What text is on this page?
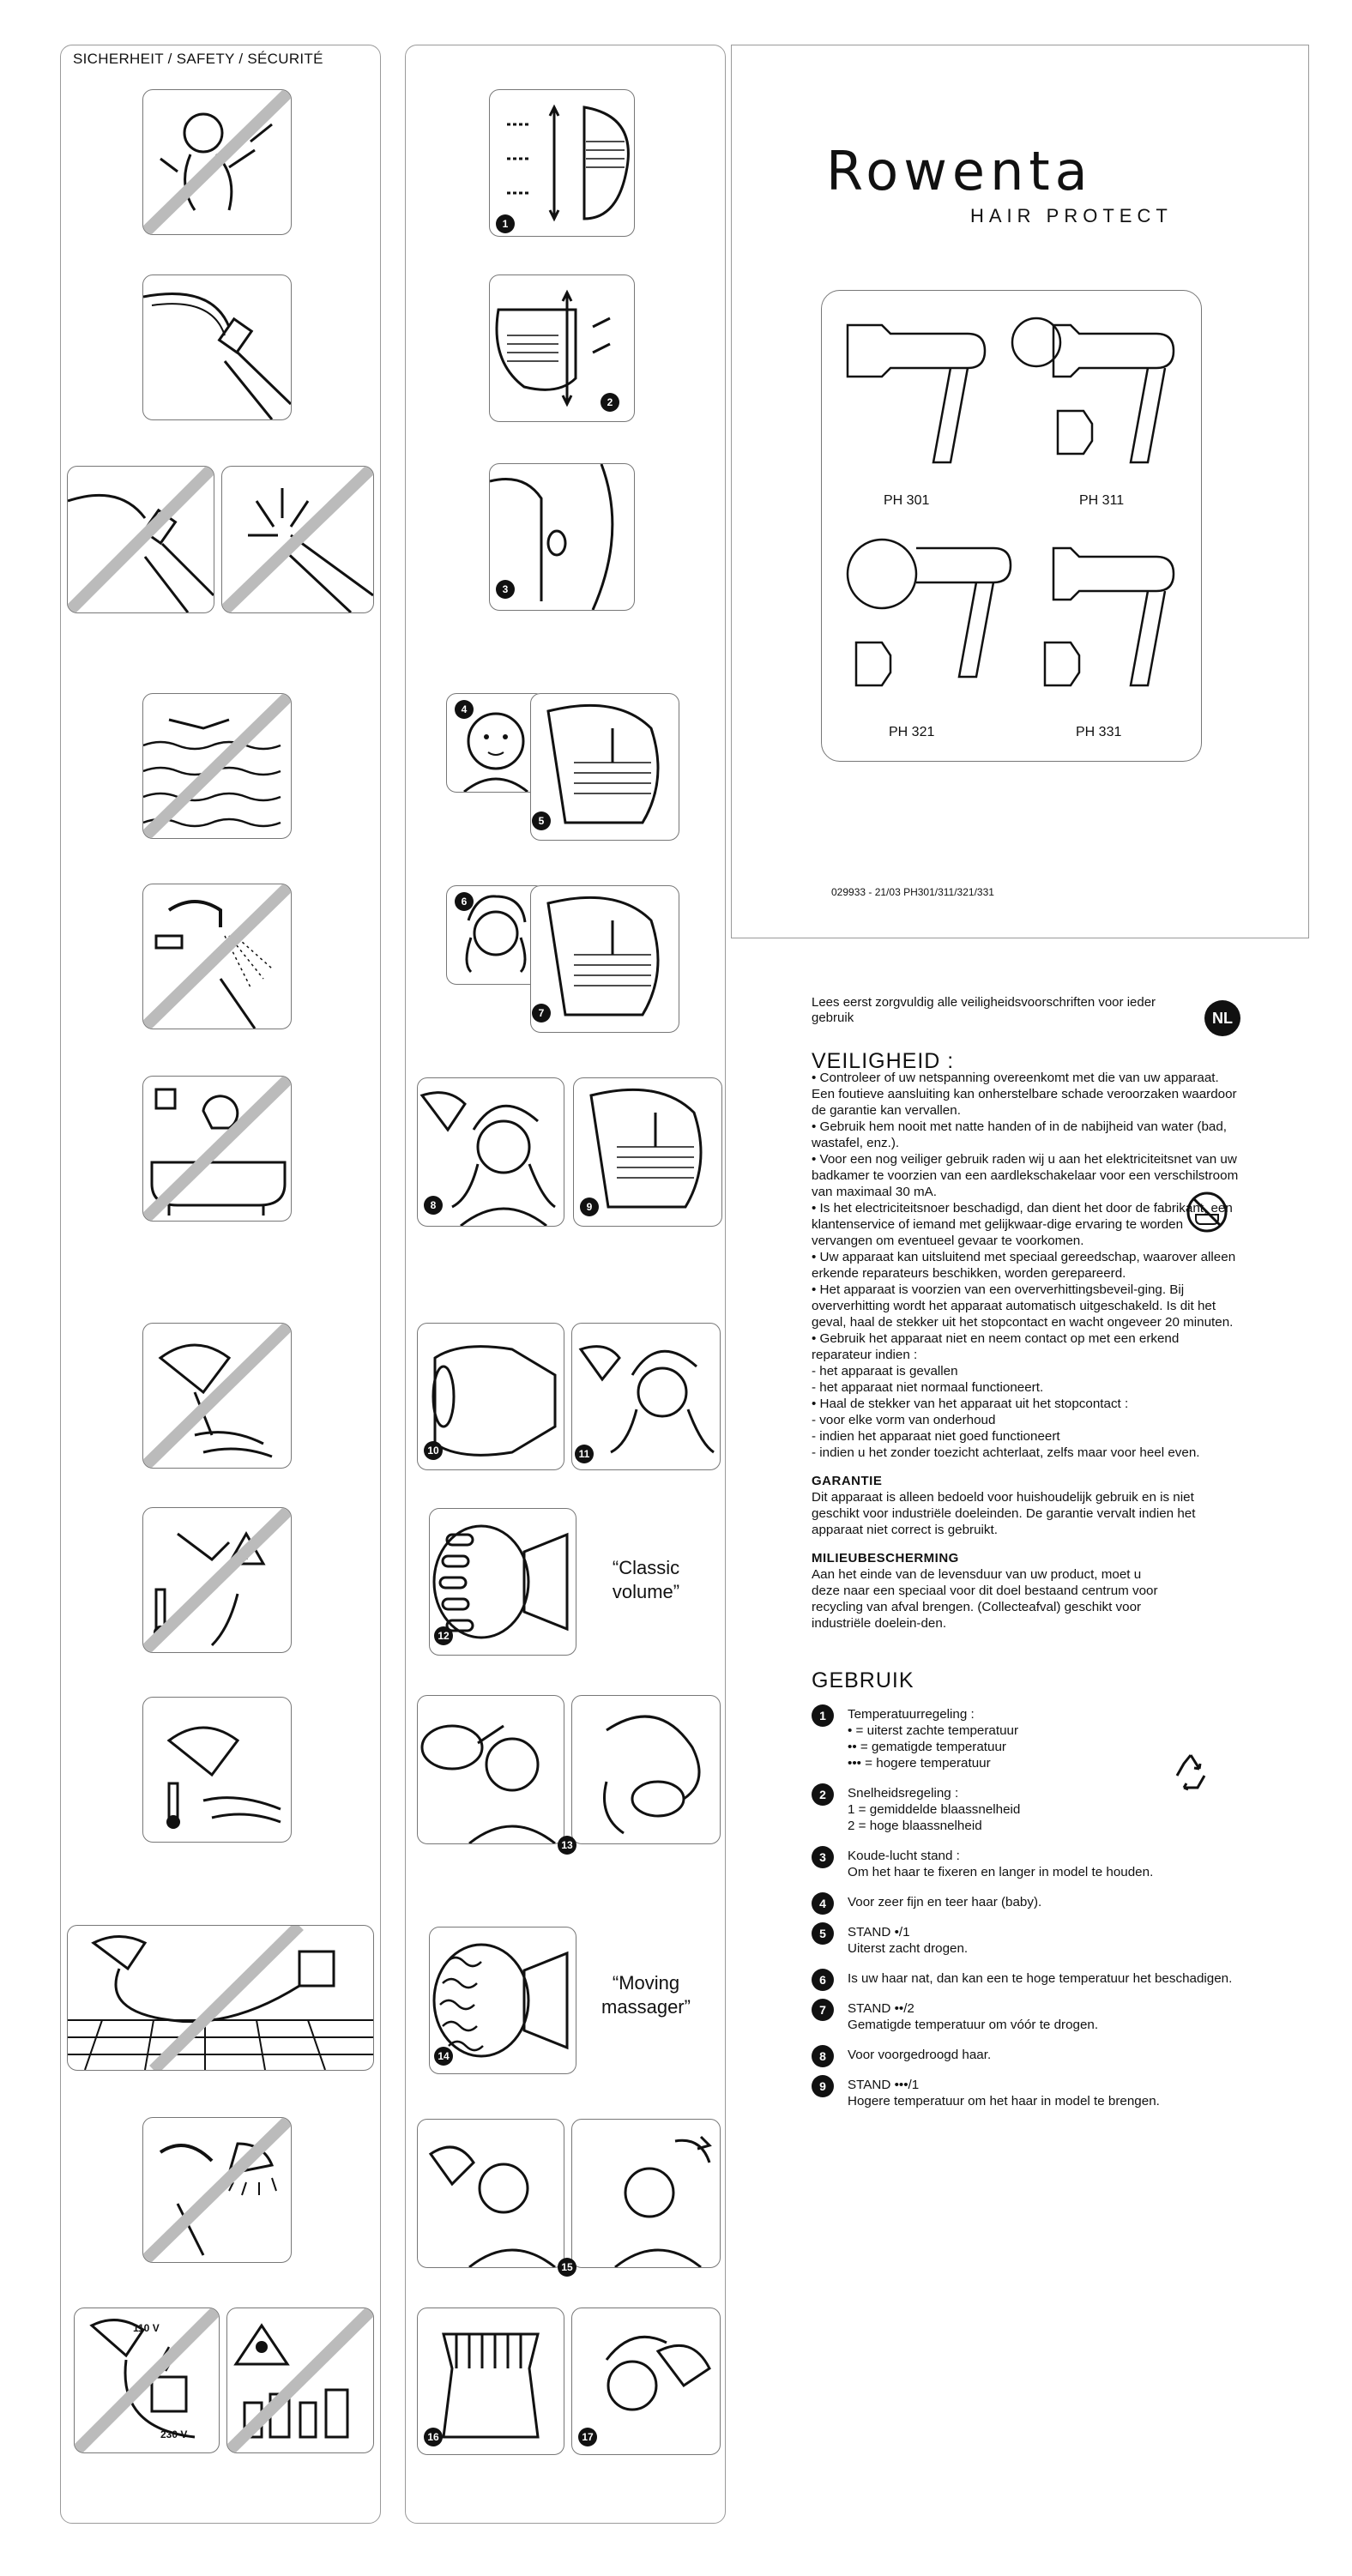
SICHERHEIT / SAFETY / SÉCURITÉ
110 V
230 V
1
2
3
4
5
6
7
8	9
10	11
12
“Classic
volume”
13
14
“Moving
massager”
15
16	17
Rowenta
HAIR PROTECT
PH 301	PH 311
PH 321	PH 331
029933 - 21/03 PH301/311/321/331
Lees eerst zorgvuldig alle veiligheidsvoorschriften voor ieder gebruik	NL
VEILIGHEID :
• Controleer of uw netspanning overeenkomt met die van uw apparaat. Een foutieve aansluiting kan onherstelbare schade veroorzaken waardoor de garantie kan vervallen.
• Gebruik hem nooit met natte handen of in de nabijheid van water (bad, wastafel, enz.).
• Voor een nog veiliger gebruik raden wij u aan het elektriciteitsnet van uw badkamer te voorzien van een aardlekschakelaar voor een verschilstroom van maximaal 30 mA.
• Is het electriciteitsnoer beschadigd, dan dient het door de fabrikant, een klantenservice of iemand met gelijkwaar-dige ervaring te worden vervangen om eventueel gevaar te voorkomen.
• Uw apparaat kan uitsluitend met speciaal gereedschap, waarover alleen erkende reparateurs beschikken, worden gerepareerd.
• Het apparaat is voorzien van een oververhittingsbeveil-ging. Bij oververhitting wordt het apparaat automatisch uitgeschakeld. Is dit het geval, haal de stekker uit het stopcontact en wacht ongeveer 20 minuten.
• Gebruik het apparaat niet en neem contact op met een erkend reparateur indien :
- het apparaat is gevallen
- het apparaat niet normaal functioneert.
• Haal de stekker van het apparaat uit het stopcontact :
- voor elke vorm van onderhoud
- indien het apparaat niet goed functioneert
- indien u het zonder toezicht achterlaat, zelfs maar voor heel even.
GARANTIE
Dit apparaat is alleen bedoeld voor huishoudelijk gebruik en is niet geschikt voor industriële doeleinden. De garantie vervalt indien het apparaat niet correct is gebruikt.
MILIEUBESCHERMING
Aan het einde van de levensduur van uw product, moet u deze naar een speciaal voor dit doel bestaand centrum voor recycling van afval brengen. (Collecteafval) geschikt voor industriële doelein-den.
GEBRUIK
1	Temperatuurregeling :
• = uiterst zachte temperatuur
•• = gematigde temperatuur
••• = hogere temperatuur
2	Snelheidsregeling :
1 = gemiddelde blaassnelheid
2 = hoge blaassnelheid
3	Koude-lucht stand :
Om het haar te fixeren en langer in model te houden.
4	Voor zeer fijn en teer haar (baby).
5	STAND •/1
Uiterst zacht drogen.
6	Is uw haar nat, dan kan een te hoge temperatuur het beschadigen.
7	STAND ••/2
Gematigde temperatuur om vóór te drogen.
8	Voor voorgedroogd haar.
9	STAND •••/1
Hogere temperatuur om het haar in model te brengen.
